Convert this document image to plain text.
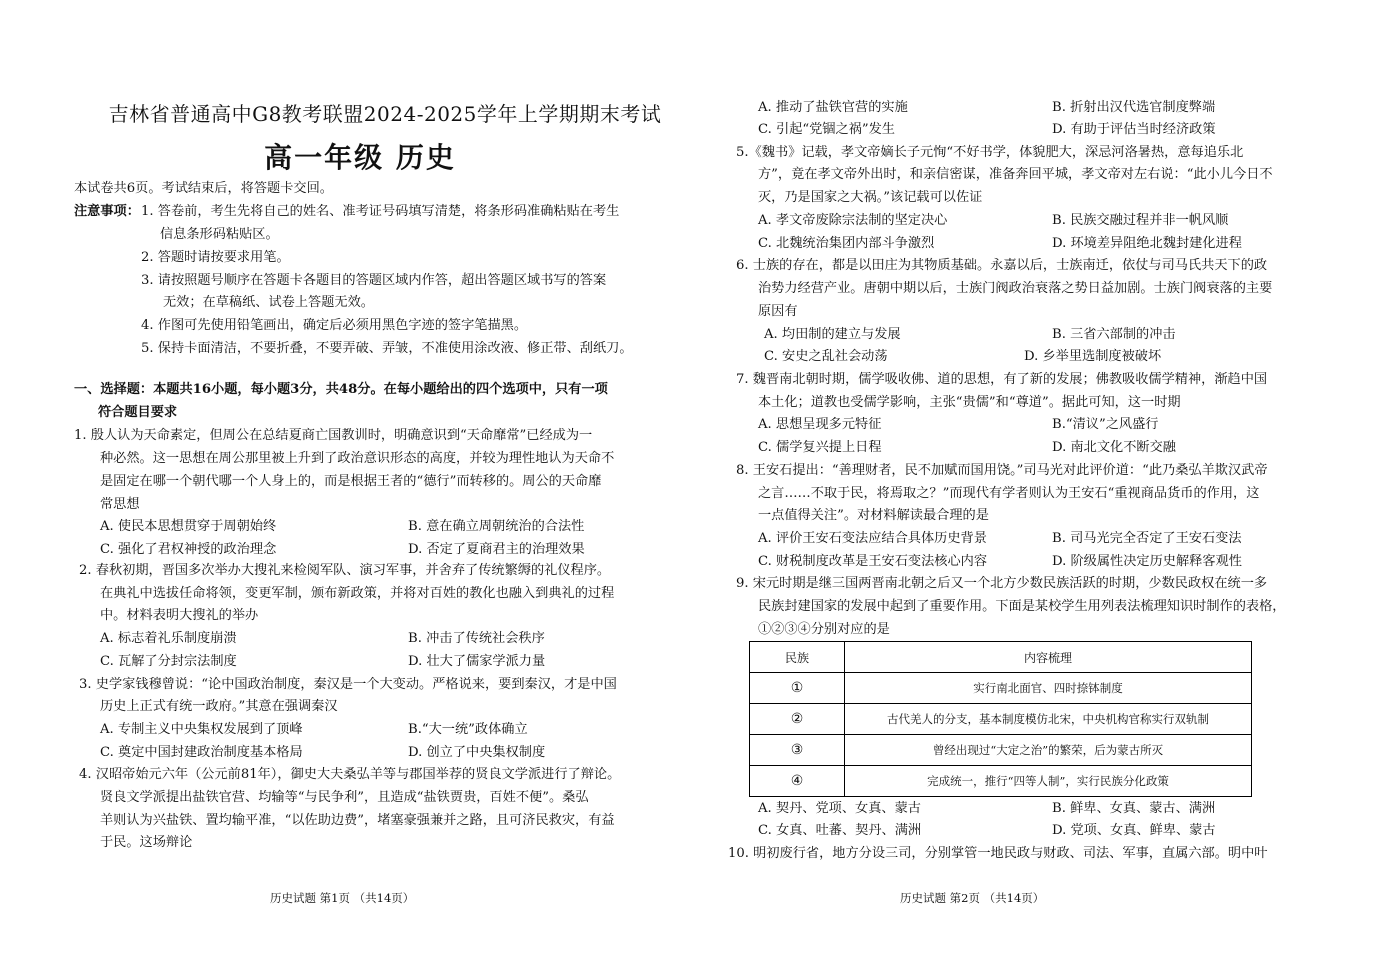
吉林省普通高中G8教考联盟2024-2025学年上学期期末考试
高一年级 历史
本试卷共6页。考试结束后，将答题卡交回。
注意事项： 1. 答卷前，考生先将自己的姓名、准考证号码填写清楚，将条形码准确粘贴在考生
信息条形码粘贴区。
2. 答题时请按要求用笔。
3. 请按照题号顺序在答题卡各题目的答题区域内作答，超出答题区域书写的答案
无效；在草稿纸、试卷上答题无效。
4. 作图可先使用铅笔画出，确定后必须用黑色字迹的签字笔描黑。
5. 保持卡面清洁，不要折叠，不要弄破、弄皱，不准使用涂改液、修正带、刮纸刀。
一、选择题：本题共16小题，每小题3分，共48分。在每小题给出的四个选项中，只有一项
符合题目要求
1. 殷人认为天命素定，但周公在总结夏商亡国教训时，明确意识到“天命靡常”已经成为一
种必然。这一思想在周公那里被上升到了政治意识形态的高度，并较为理性地认为天命不
是固定在哪一个朝代哪一个人身上的，而是根据王者的“德行”而转移的。周公的天命靡
常思想
A. 使民本思想贯穿于周朝始终	B. 意在确立周朝统治的合法性
C. 强化了君权神授的政治理念	D. 否定了夏商君主的治理效果
2. 春秋初期，晋国多次举办大搜礼来检阅军队、演习军事，并舍弃了传统繁缛的礼仪程序。
在典礼中选拔任命将领，变更军制，颁布新政策，并将对百姓的教化也融入到典礼的过程
中。材料表明大搜礼的举办
A. 标志着礼乐制度崩溃	B. 冲击了传统社会秩序
C. 瓦解了分封宗法制度	D. 壮大了儒家学派力量
3. 史学家钱穆曾说：“论中国政治制度，秦汉是一个大变动。严格说来，要到秦汉，才是中国
历史上正式有统一政府。”其意在强调秦汉
A. 专制主义中央集权发展到了顶峰	B.“大一统”政体确立
C. 奠定中国封建政治制度基本格局	D. 创立了中央集权制度
4. 汉昭帝始元六年（公元前81年），御史大夫桑弘羊等与郡国举荐的贤良文学派进行了辩论。
贤良文学派提出盐铁官营、均输等“与民争利”，且造成“盐铁贾贵，百姓不便”。桑弘
羊则认为兴盐铁、置均输平准，“以佐助边费”，堵塞豪强兼并之路，且可济民救灾，有益
于民。这场辩论
历史试题 第1页 （共14页）
A. 推动了盐铁官营的实施	B. 折射出汉代选官制度弊端
C. 引起“党锢之祸”发生	D. 有助于评估当时经济政策
5.《魏书》记载，孝文帝嫡长子元恂“不好书学，体貌肥大，深忌河洛暑热，意每追乐北
方”，竟在孝文帝外出时，和亲信密谋，准备奔回平城，孝文帝对左右说：“此小儿今日不
灭，乃是国家之大祸。”该记载可以佐证
A. 孝文帝废除宗法制的坚定决心	B. 民族交融过程并非一帆风顺
C. 北魏统治集团内部斗争激烈	D. 环境差异阻绝北魏封建化进程
6. 士族的存在，都是以田庄为其物质基础。永嘉以后，士族南迁，依仗与司马氏共天下的政
治势力经营产业。唐朝中期以后，士族门阀政治衰落之势日益加剧。士族门阀衰落的主要
原因有
A. 均田制的建立与发展	B. 三省六部制的冲击
C. 安史之乱社会动荡	D. 乡举里选制度被破坏
7. 魏晋南北朝时期，儒学吸收佛、道的思想，有了新的发展；佛教吸收儒学精神，渐趋中国
本土化；道教也受儒学影响，主张“贵儒”和“尊道”。据此可知，这一时期
A. 思想呈现多元特征	B.“清议”之风盛行
C. 儒学复兴提上日程	D. 南北文化不断交融
8. 王安石提出：“善理财者，民不加赋而国用饶。”司马光对此评价道：“此乃桑弘羊欺汉武帝
之言……不取于民，将焉取之？”而现代有学者则认为王安石“重视商品货币的作用，这
一点值得关注”。对材料解读最合理的是
A. 评价王安石变法应结合具体历史背景	B. 司马光完全否定了王安石变法
C. 财税制度改革是王安石变法核心内容	D. 阶级属性决定历史解释客观性
9. 宋元时期是继三国两晋南北朝之后又一个北方少数民族活跃的时期，少数民政权在统一多
民族封建国家的发展中起到了重要作用。下面是某校学生用列表法梳理知识时制作的表格，
①②③④分别对应的是
民族	内容梳理
①	实行南北面官、四时捺钵制度
②	古代羌人的分支，基本制度模仿北宋，中央机构官称实行双轨制
③	曾经出现过“大定之治”的繁荣，后为蒙古所灭
④	完成统一，推行“四等人制”，实行民族分化政策
A. 契丹、党项、女真、蒙古	B. 鲜卑、女真、蒙古、满洲
C. 女真、吐蕃、契丹、满洲	D. 党项、女真、鲜卑、蒙古
10. 明初废行省，地方分设三司，分别掌管一地民政与财政、司法、军事，直属六部。明中叶
历史试题 第2页 （共14页）
